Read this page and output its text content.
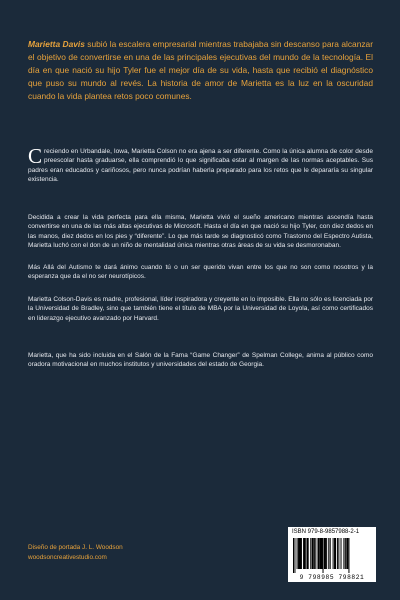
Marietta Davis subió la escalera empresarial mientras trabajaba sin descanso para alcanzar el objetivo de convertirse en una de las principales ejecutivas del mundo de la tecnología. El día en que nació su hijo Tyler fue el mejor día de su vida, hasta que recibió el diagnóstico que puso su mundo al revés. La historia de amor de Marietta es la luz en la oscuridad cuando la vida plantea retos poco comunes.

Creciendo en Urbandale, Iowa, Marietta Colson no era ajena a ser diferente. Como la única alumna de color desde preescolar hasta graduarse, ella comprendió lo que significaba estar al margen de las normas aceptables. Sus padres eran educados y cariñosos, pero nunca podrían haberla preparado para los retos que le depararía su singular existencia.

Decidida a crear la vida perfecta para ella misma, Marietta vivió el sueño americano mientras ascendía hasta convertirse en una de las más altas ejecutivas de Microsoft. Hasta el día en que nació su hijo Tyler, con diez dedos en las manos, diez dedos en los pies y “diferente”. Lo que más tarde se diagnosticó como Trastorno del Espectro Autista, Marietta luchó con el don de un niño de mentalidad única mientras otras áreas de su vida se desmoronaban.

Más Allá del Autismo te dará ánimo cuando tú o un ser querido vivan entre los que no son como nosotros y la esperanza que da el no ser neurotípicos.

Marietta Colson-Davis es madre, profesional, líder inspiradora y creyente en lo imposible. Ella no sólo es licenciada por la Universidad de Bradley, sino que también tiene el título de MBA por la Universidad de Loyola, así como certificados en liderazgo ejecutivo avanzado por Harvard.

Marietta, que ha sido incluida en el Salón de la Fama “Game Changer” de Spelman College, anima al público como oradora motivacional en muchos institutos y universidades del estado de Georgia.

Diseño de portada J. L. Woodson
woodsoncreativestudio.com
ISBN 979-8-9857988-2-1
9 798985 798821
